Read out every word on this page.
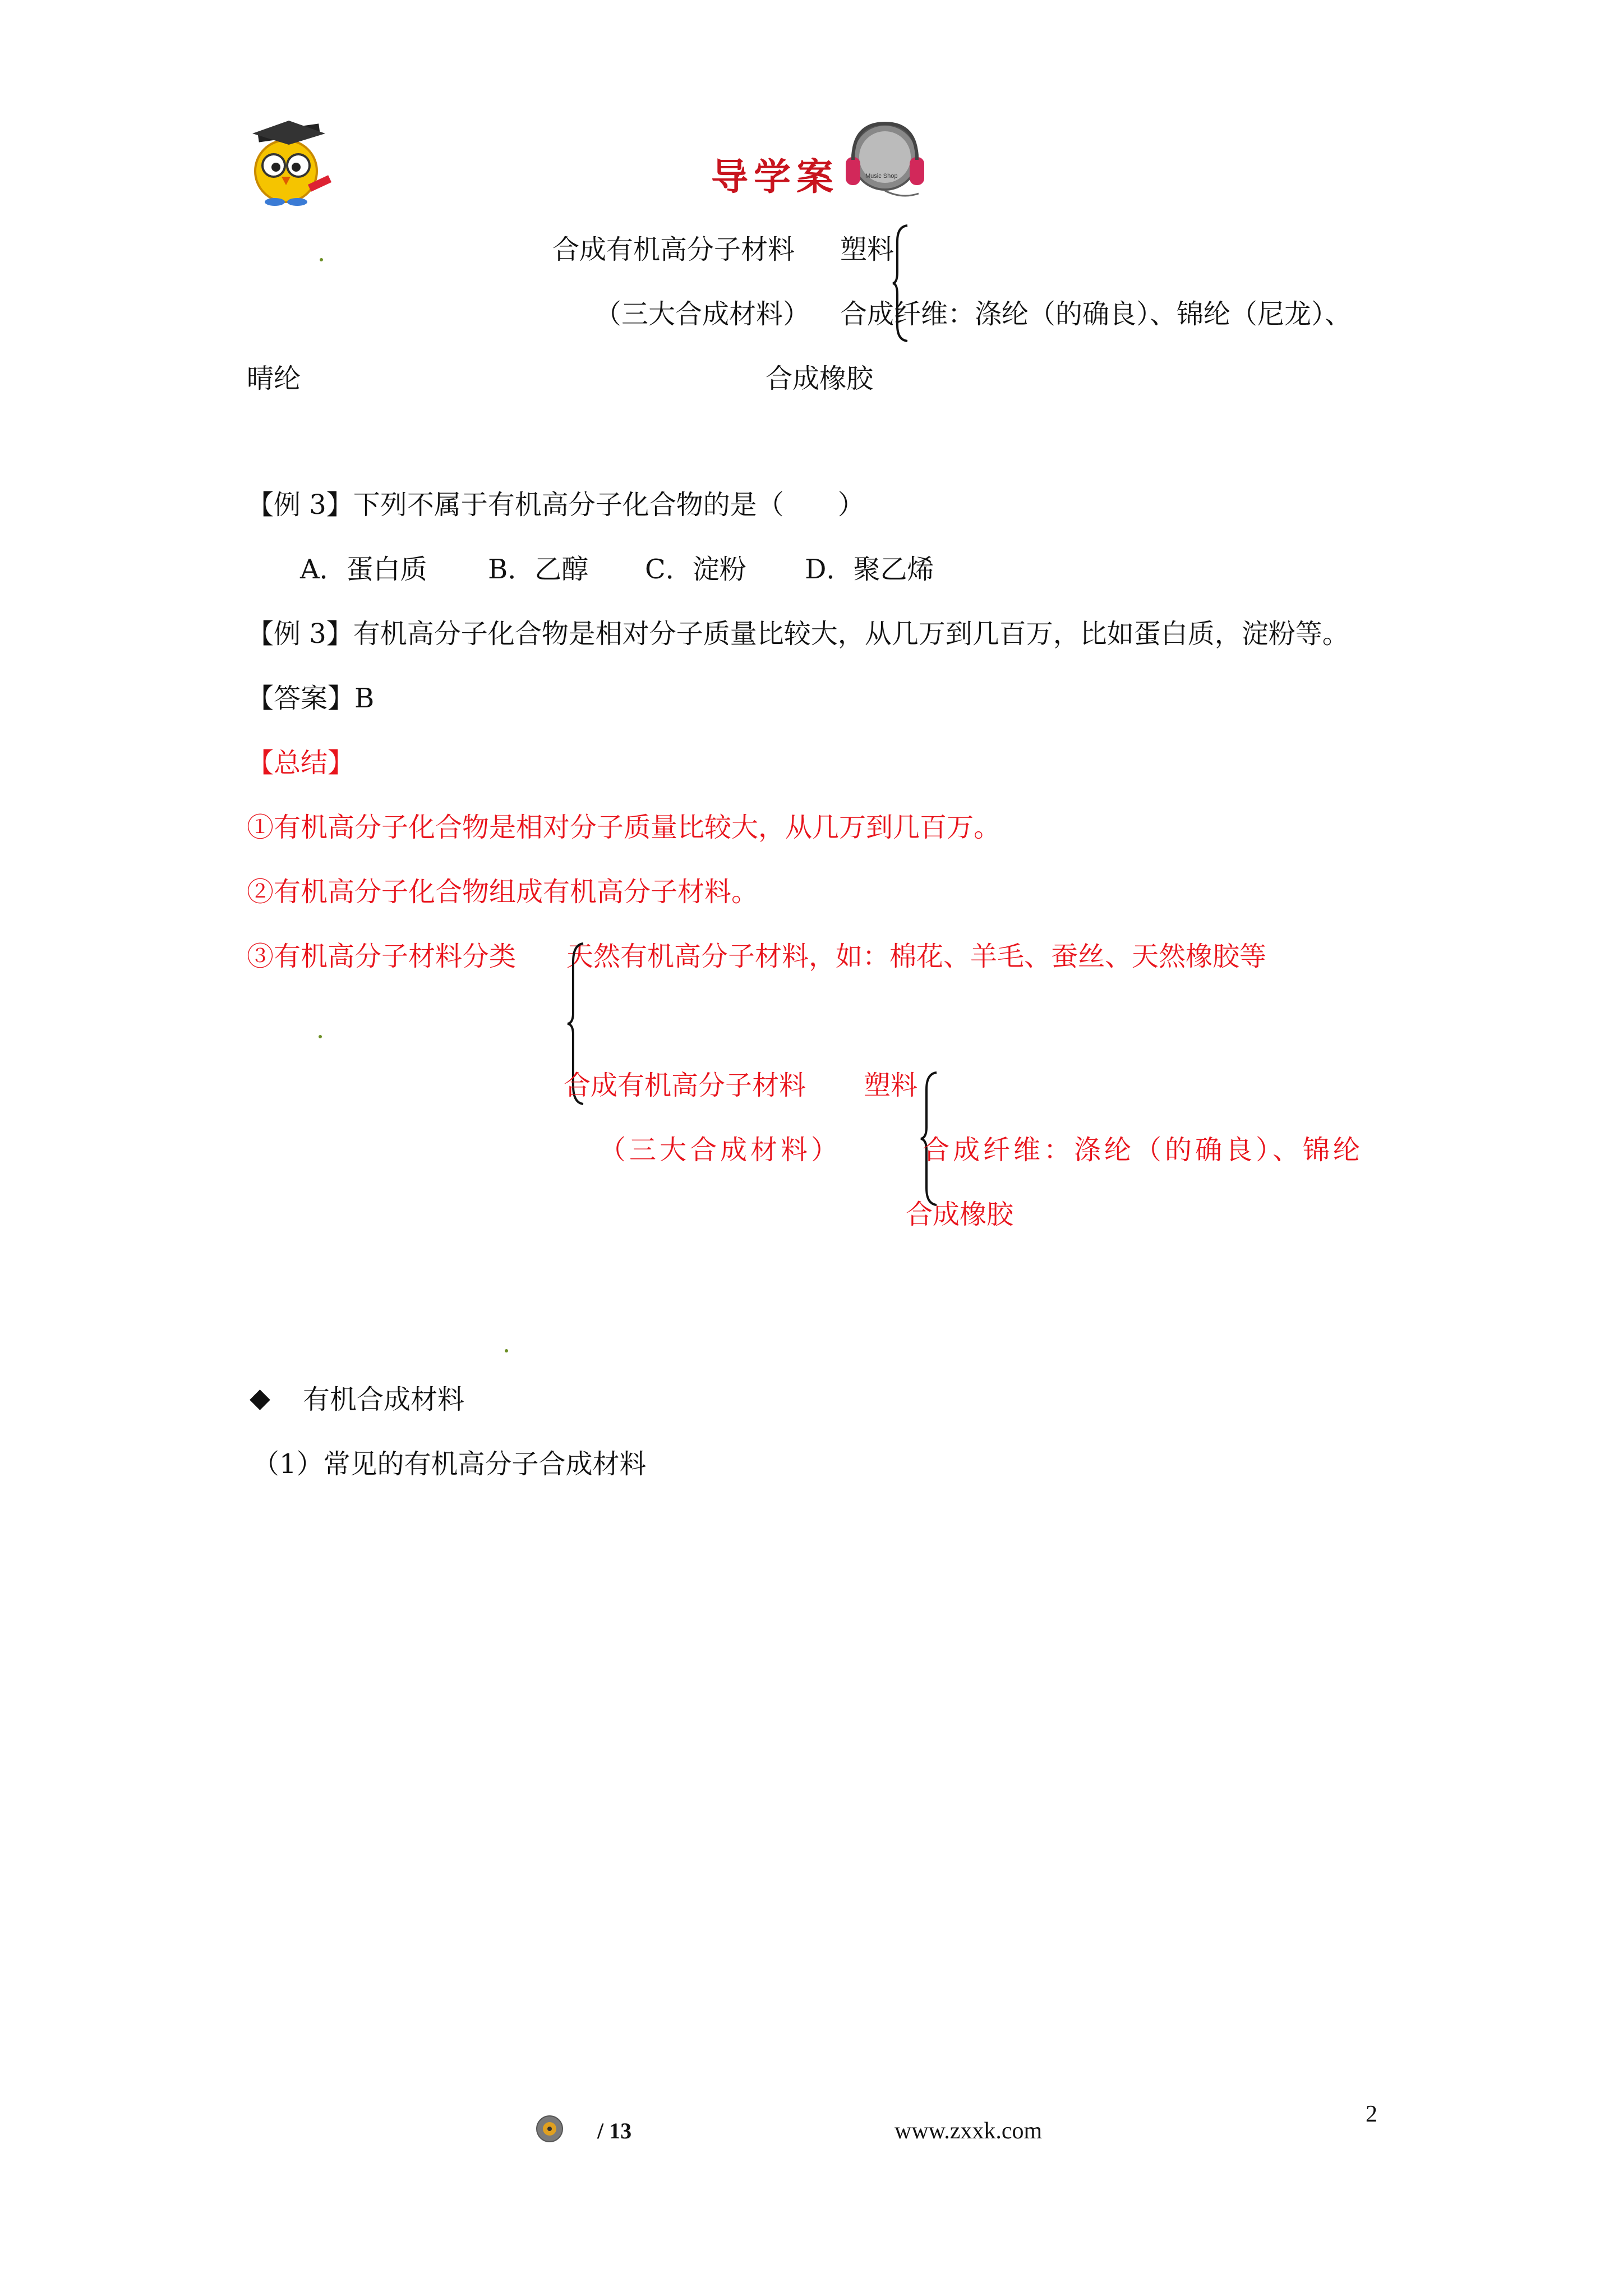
导学案	Music Shop
合成有机高分子材料 塑料
（三大合成材料） 合成纤维：涤纶（的确良）、锦纶（尼龙）、
晴纶	合成橡胶
【例 3】下列不属于有机高分子化合物的是（　　）
A．蛋白质 B．乙醇 C．淀粉 D．聚乙烯
【例 3】有机高分子化合物是相对分子质量比较大，从几万到几百万，比如蛋白质，淀粉等。
【答案】B
【总结】
①有机高分子化合物是相对分子质量比较大，从几万到几百万。
②有机高分子化合物组成有机高分子材料。
③有机高分子材料分类 天然有机高分子材料，如：棉花、羊毛、蚕丝、天然橡胶等
合成有机高分子材料 塑料
（三大合成材料）	合成纤维：涤纶（的确良）、锦纶
合成橡胶
◆ 有机合成材料
（1）常见的有机高分子合成材料
/ 13	www.zxxk.com
2
